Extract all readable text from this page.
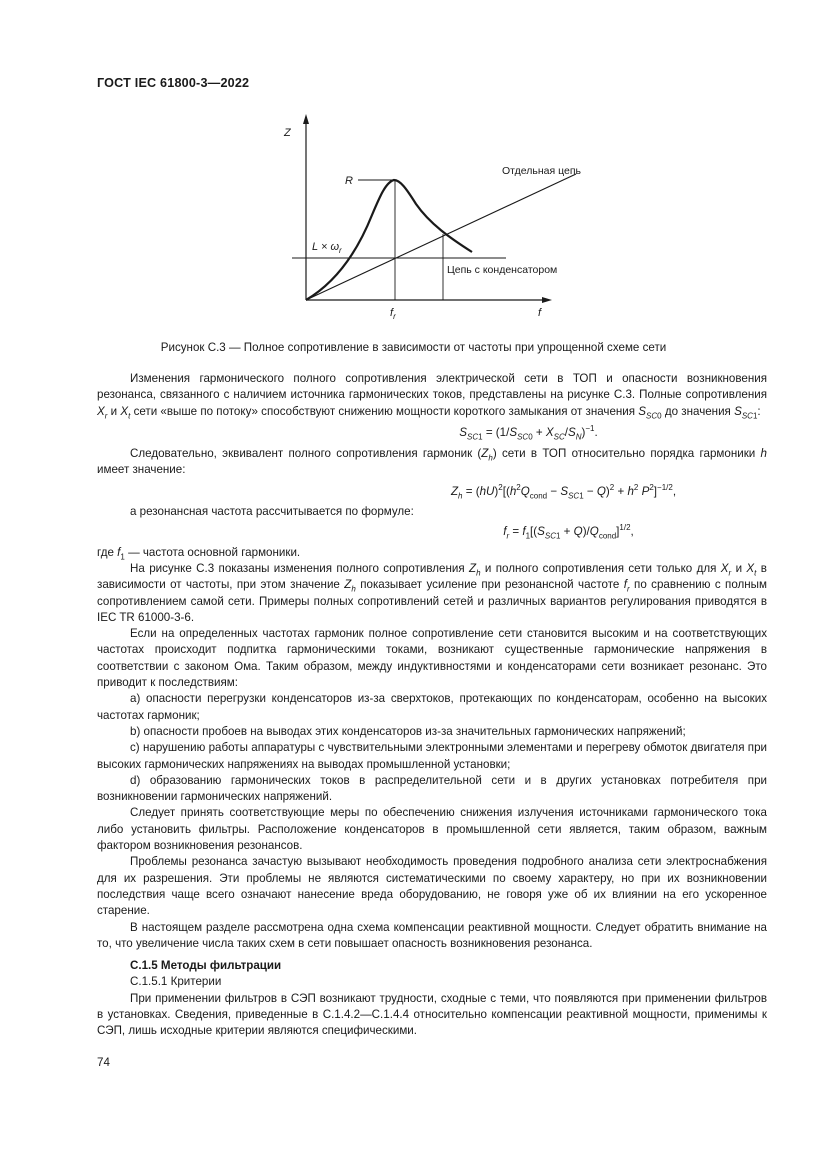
ГОСТ IEC 61800-3—2022
Z
f
$f_r$
R
$L \times \omega_r$
Отдельная цепь
Цепь с конденсатором
Рисунок С.3 — Полное сопротивление в зависимости от частоты при упрощенной схеме сети

Изменения гармонического полного сопротивления электрической сети в ТОП и опасности возникновения резонанса, связанного с наличием источника гармонических токов, представлены на рисунке С.3. Полные сопротивления $X_r$ и $X_t$ сети «выше по потоку» способствуют снижению мощности короткого замыкания от значения $S_{SC0}$ до значения $S_{SC1}$:

$S_{SC1} = (1/S_{SC0} + X_{SC}/S_N)^{-1}$.

Следовательно, эквивалент полного сопротивления гармоник $(Z_h)$ сети в ТОП относительно порядка гармоники h имеет значение:

$Z_h = (hU)^2[(h^2Q_{cond} - S_{SC1} - Q)^2 + h^2$ $P^2]^{-1/2}$,

а резонансная частота рассчитывается по формуле:

$f_r = f_1[(S_{SC1} + Q)/Q_{cond}]^{1/2}$,

где $f_1$ — частота основной гармоники.

На рисунке С.3 показаны изменения полного сопротивления $Z_h$ и полного сопротивления сети только для $X_r$ и $X_t$ в зависимости от частоты, при этом значение $Z_h$ показывает усиление при резонансной частоте $f_r$ по сравнению с полным сопротивлением самой сети. Примеры полных сопротивлений сетей и различных вариантов регулирования приводятся в IEC TR 61000-3-6.

Если на определенных частотах гармоник полное сопротивление сети становится высоким и на соответствующих частотах происходит подпитка гармоническими токами, возникают существенные гармонические напряжения в соответствии с законом Ома. Таким образом, между индуктивностями и конденсаторами сети возникает резонанс. Это приводит к последствиям:

a) опасности перегрузки конденсаторов из-за сверхтоков, протекающих по конденсаторам, особенно на высоких частотах гармоник;

b) опасности пробоев на выводах этих конденсаторов из-за значительных гармонических напряжений;

c) нарушению работы аппаратуры с чувствительными электронными элементами и перегреву обмоток двигателя при высоких гармонических напряжениях на выводах промышленной установки;

d) образованию гармонических токов в распределительной сети и в других установках потребителя при возникновении гармонических напряжений.

Следует принять соответствующие меры по обеспечению снижения излучения источниками гармонического тока либо установить фильтры. Расположение конденсаторов в промышленной сети является, таким образом, важным фактором возникновения резонансов.

Проблемы резонанса зачастую вызывают необходимость проведения подробного анализа сети электроснабжения для их разрешения. Эти проблемы не являются систематическими по своему характеру, но при их возникновении последствия чаще всего означают нанесение вреда оборудованию, не говоря уже об их влиянии на его ускоренное старение.

В настоящем разделе рассмотрена одна схема компенсации реактивной мощности. Следует обратить внимание на то, что увеличение числа таких схем в сети повышает опасность возникновения резонанса.

С.1.5 Методы фильтрации

С.1.5.1 Критерии

При применении фильтров в СЭП возникают трудности, сходные с теми, что появляются при применении фильтров в установках. Сведения, приведенные в С.1.4.2—С.1.4.4 относительно компенсации реактивной мощности, применимы к СЭП, лишь исходные критерии являются специфическими.

74
